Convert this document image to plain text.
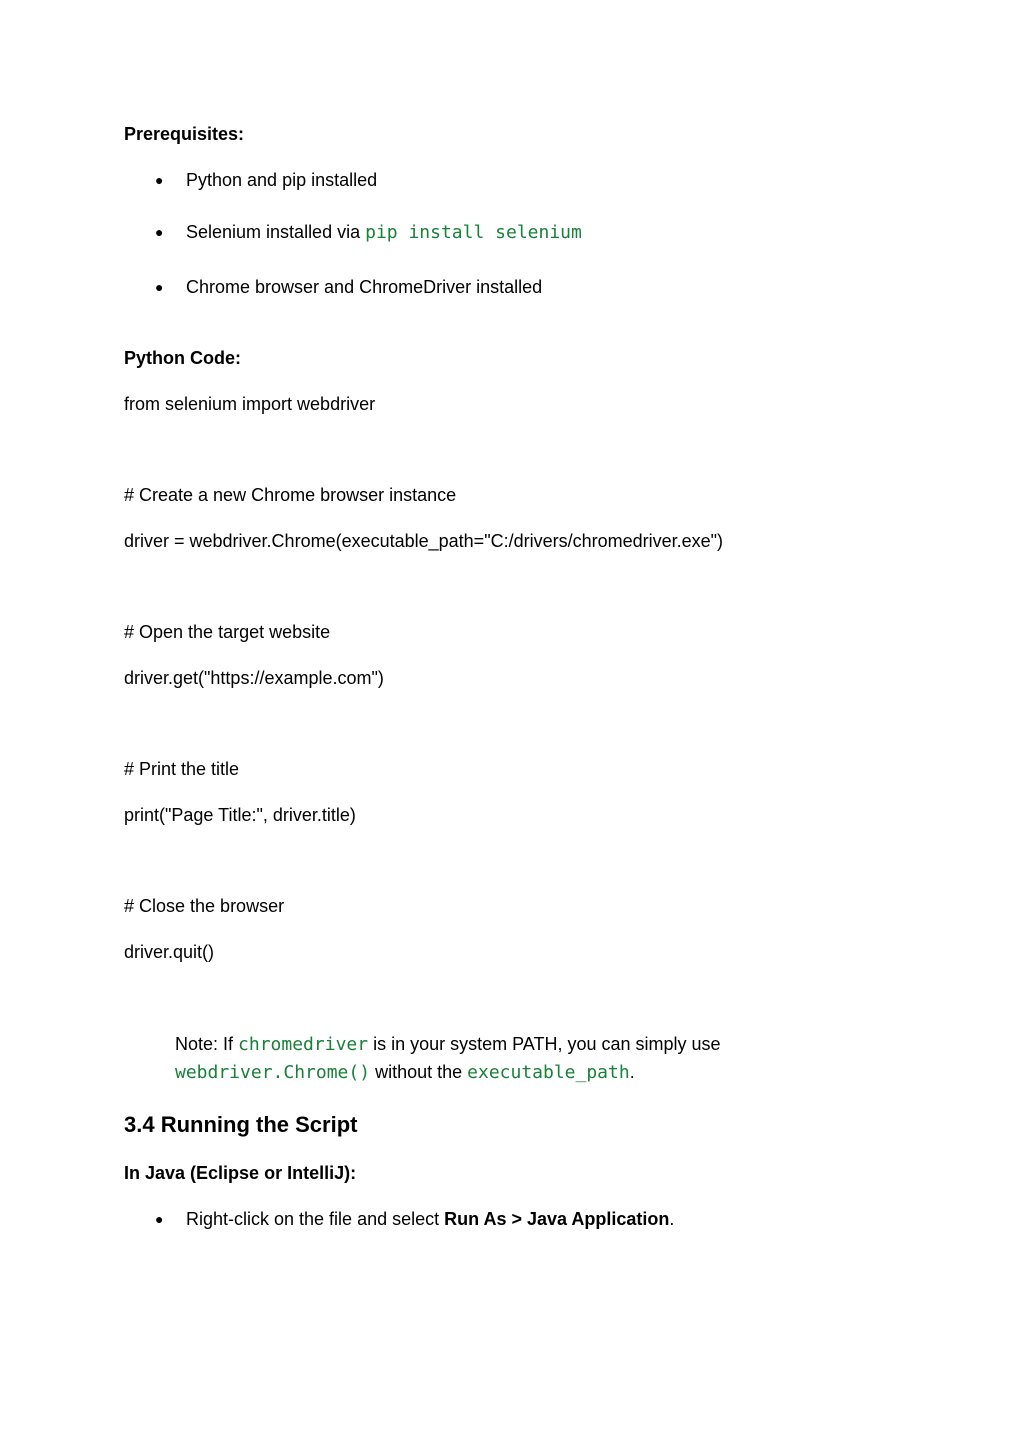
Prerequisites:
● Python and pip installed
● Selenium installed via pip install selenium
● Chrome browser and ChromeDriver installed
Python Code:
from selenium import webdriver
# Create a new Chrome browser instance
driver = webdriver.Chrome(executable_path="C:/drivers/chromedriver.exe")
# Open the target website
driver.get("https://example.com")
# Print the title
print("Page Title:", driver.title)
# Close the browser
driver.quit()
Note: If chromedriver is in your system PATH, you can simply use
webdriver.Chrome() without the executable_path.
3.4 Running the Script
In Java (Eclipse or IntelliJ):
● Right-click on the file and select Run As > Java Application.
